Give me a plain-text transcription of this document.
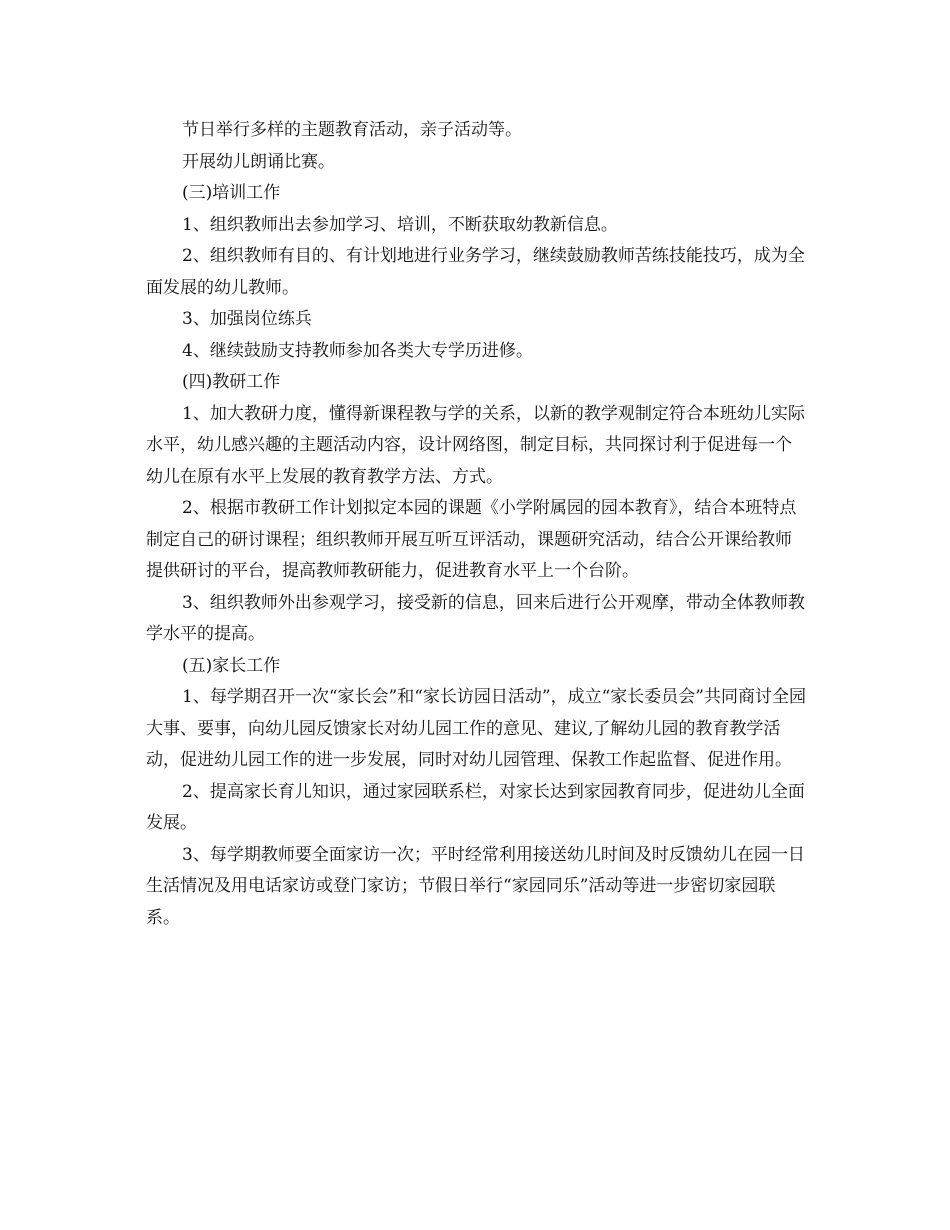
节日举行多样的主题教育活动，亲子活动等。

开展幼儿朗诵比赛。

(三)培训工作

1、组织教师出去参加学习、培训，不断获取幼教新信息。

2、组织教师有目的、有计划地进行业务学习，继续鼓励教师苦练技能技巧，成为全面发展的幼儿教师。

3、加强岗位练兵

4、继续鼓励支持教师参加各类大专学历进修。

(四)教研工作

1、加大教研力度，懂得新课程教与学的关系，以新的教学观制定符合本班幼儿实际水平，幼儿感兴趣的主题活动内容，设计网络图，制定目标，共同探讨利于促进每一个幼儿在原有水平上发展的教育教学方法、方式。

2、根据市教研工作计划拟定本园的课题《小学附属园的园本教育》，结合本班特点制定自己的研讨课程；组织教师开展互听互评活动，课题研究活动，结合公开课给教师提供研讨的平台，提高教师教研能力，促进教育水平上一个台阶。

3、组织教师外出参观学习，接受新的信息，回来后进行公开观摩，带动全体教师教学水平的提高。

(五)家长工作

1、每学期召开一次“家长会”和“家长访园日活动”，成立“家长委员会”共同商讨全园大事、要事，向幼儿园反馈家长对幼儿园工作的意见、建议,了解幼儿园的教育教学活动，促进幼儿园工作的进一步发展，同时对幼儿园管理、保教工作起监督、促进作用。

2、提高家长育儿知识，通过家园联系栏，对家长达到家园教育同步，促进幼儿全面发展。

3、每学期教师要全面家访一次；平时经常利用接送幼儿时间及时反馈幼儿在园一日生活情况及用电话家访或登门家访；节假日举行“家园同乐”活动等进一步密切家园联系。
